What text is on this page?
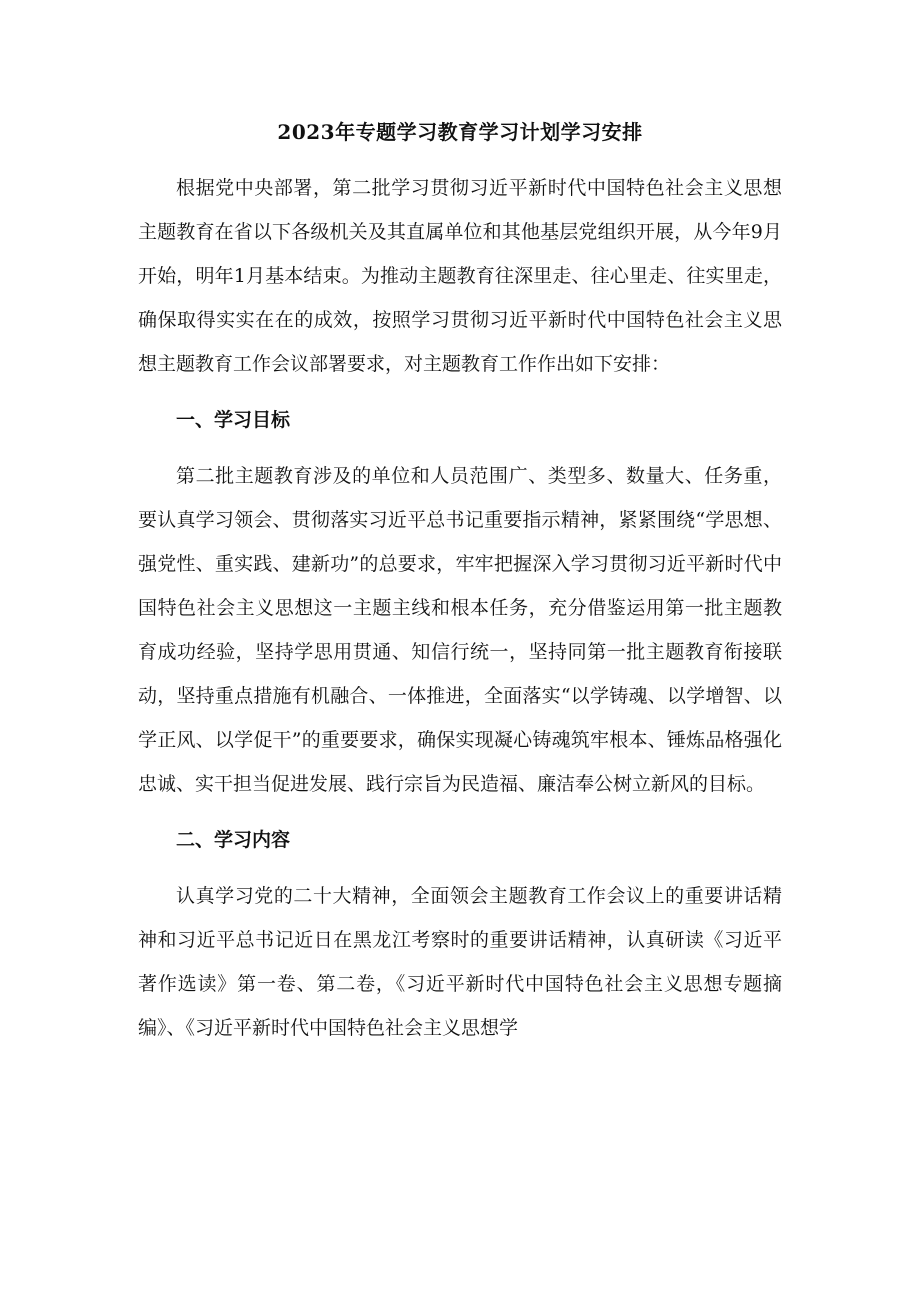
2023年专题学习教育学习计划学习安排

根据党中央部署，第二批学习贯彻习近平新时代中国特色社会主义思想主题教育在省以下各级机关及其直属单位和其他基层党组织开展，从今年9月开始，明年1月基本结束。为推动主题教育往深里走、往心里走、往实里走，确保取得实实在在的成效，按照学习贯彻习近平新时代中国特色社会主义思想主题教育工作会议部署要求，对主题教育工作作出如下安排：

一、学习目标

第二批主题教育涉及的单位和人员范围广、类型多、数量大、任务重，要认真学习领会、贯彻落实习近平总书记重要指示精神，紧紧围绕“学思想、强党性、重实践、建新功”的总要求，牢牢把握深入学习贯彻习近平新时代中国特色社会主义思想这一主题主线和根本任务，充分借鉴运用第一批主题教育成功经验，坚持学思用贯通、知信行统一，坚持同第一批主题教育衔接联动，坚持重点措施有机融合、一体推进，全面落实“以学铸魂、以学增智、以学正风、以学促干”的重要要求，确保实现凝心铸魂筑牢根本、锤炼品格强化忠诚、实干担当促进发展、践行宗旨为民造福、廉洁奉公树立新风的目标。

二、学习内容

认真学习党的二十大精神，全面领会主题教育工作会议上的重要讲话精神和习近平总书记近日在黑龙江考察时的重要讲话精神，认真研读《习近平著作选读》第一卷、第二卷，《习近平新时代中国特色社会主义思想专题摘编》、《习近平新时代中国特色社会主义思想学
